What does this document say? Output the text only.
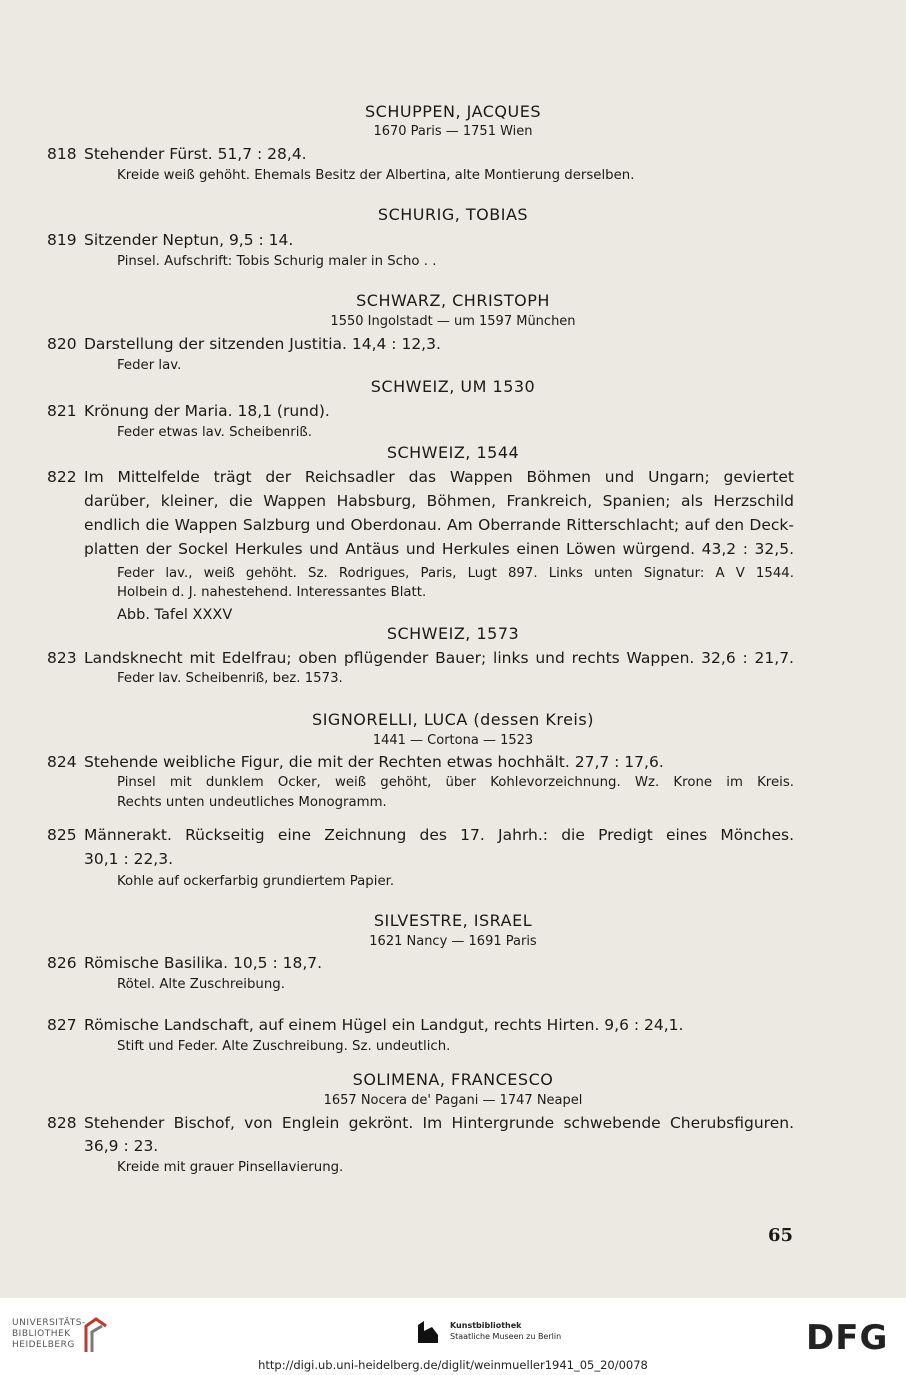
SCHUPPEN, JACQUES
1670 Paris — 1751 Wien
818 Stehender Fürst. 51,7 : 28,4.
Kreide weiß gehöht. Ehemals Besitz der Albertina, alte Montierung derselben.
SCHURIG, TOBIAS
819 Sitzender Neptun, 9,5 : 14.
Pinsel. Aufschrift: Tobis Schurig maler in Scho . .
SCHWARZ, CHRISTOPH
1550 Ingolstadt — um 1597 München
820 Darstellung der sitzenden Justitia. 14,4 : 12,3.
Feder lav.
SCHWEIZ, UM 1530
821 Krönung der Maria. 18,1 (rund).
Feder etwas lav. Scheibenriß.
SCHWEIZ, 1544
822 Im Mittelfelde trägt der Reichsadler das Wappen Böhmen und Ungarn; geviertet
darüber, kleiner, die Wappen Habsburg, Böhmen, Frankreich, Spanien; als Herzschild
endlich die Wappen Salzburg und Oberdonau. Am Oberrande Ritterschlacht; auf den Deck-
platten der Sockel Herkules und Antäus und Herkules einen Löwen würgend. 43,2 : 32,5.
Feder lav., weiß gehöht. Sz. Rodrigues, Paris, Lugt 897. Links unten Signatur: A V 1544.
Holbein d. J. nahestehend. Interessantes Blatt.
Abb. Tafel XXXV
SCHWEIZ, 1573
823 Landsknecht mit Edelfrau; oben pflügender Bauer; links und rechts Wappen. 32,6 : 21,7.
Feder lav. Scheibenriß, bez. 1573.
SIGNORELLI, LUCA (dessen Kreis)
1441 — Cortona — 1523
824 Stehende weibliche Figur, die mit der Rechten etwas hochhält. 27,7 : 17,6.
Pinsel mit dunklem Ocker, weiß gehöht, über Kohlevorzeichnung. Wz. Krone im Kreis.
Rechts unten undeutliches Monogramm.
825 Männerakt. Rückseitig eine Zeichnung des 17. Jahrh.: die Predigt eines Mönches.
30,1 : 22,3.
Kohle auf ockerfarbig grundiertem Papier.
SILVESTRE, ISRAEL
1621 Nancy — 1691 Paris
826 Römische Basilika. 10,5 : 18,7.
Rötel. Alte Zuschreibung.
827 Römische Landschaft, auf einem Hügel ein Landgut, rechts Hirten. 9,6 : 24,1.
Stift und Feder. Alte Zuschreibung. Sz. undeutlich.
SOLIMENA, FRANCESCO
1657 Nocera de' Pagani — 1747 Neapel
828 Stehender Bischof, von Englein gekrönt. Im Hintergrunde schwebende Cherubsfiguren.
36,9 : 23.
Kreide mit grauer Pinsellavierung.
65
UNIVERSITÄTS-
BIBLIOTHEK
HEIDELBERG
Kunstbibliothek
Staatliche Museen zu Berlin	DFG
http://digi.ub.uni-heidelberg.de/diglit/weinmueller1941_05_20/0078
